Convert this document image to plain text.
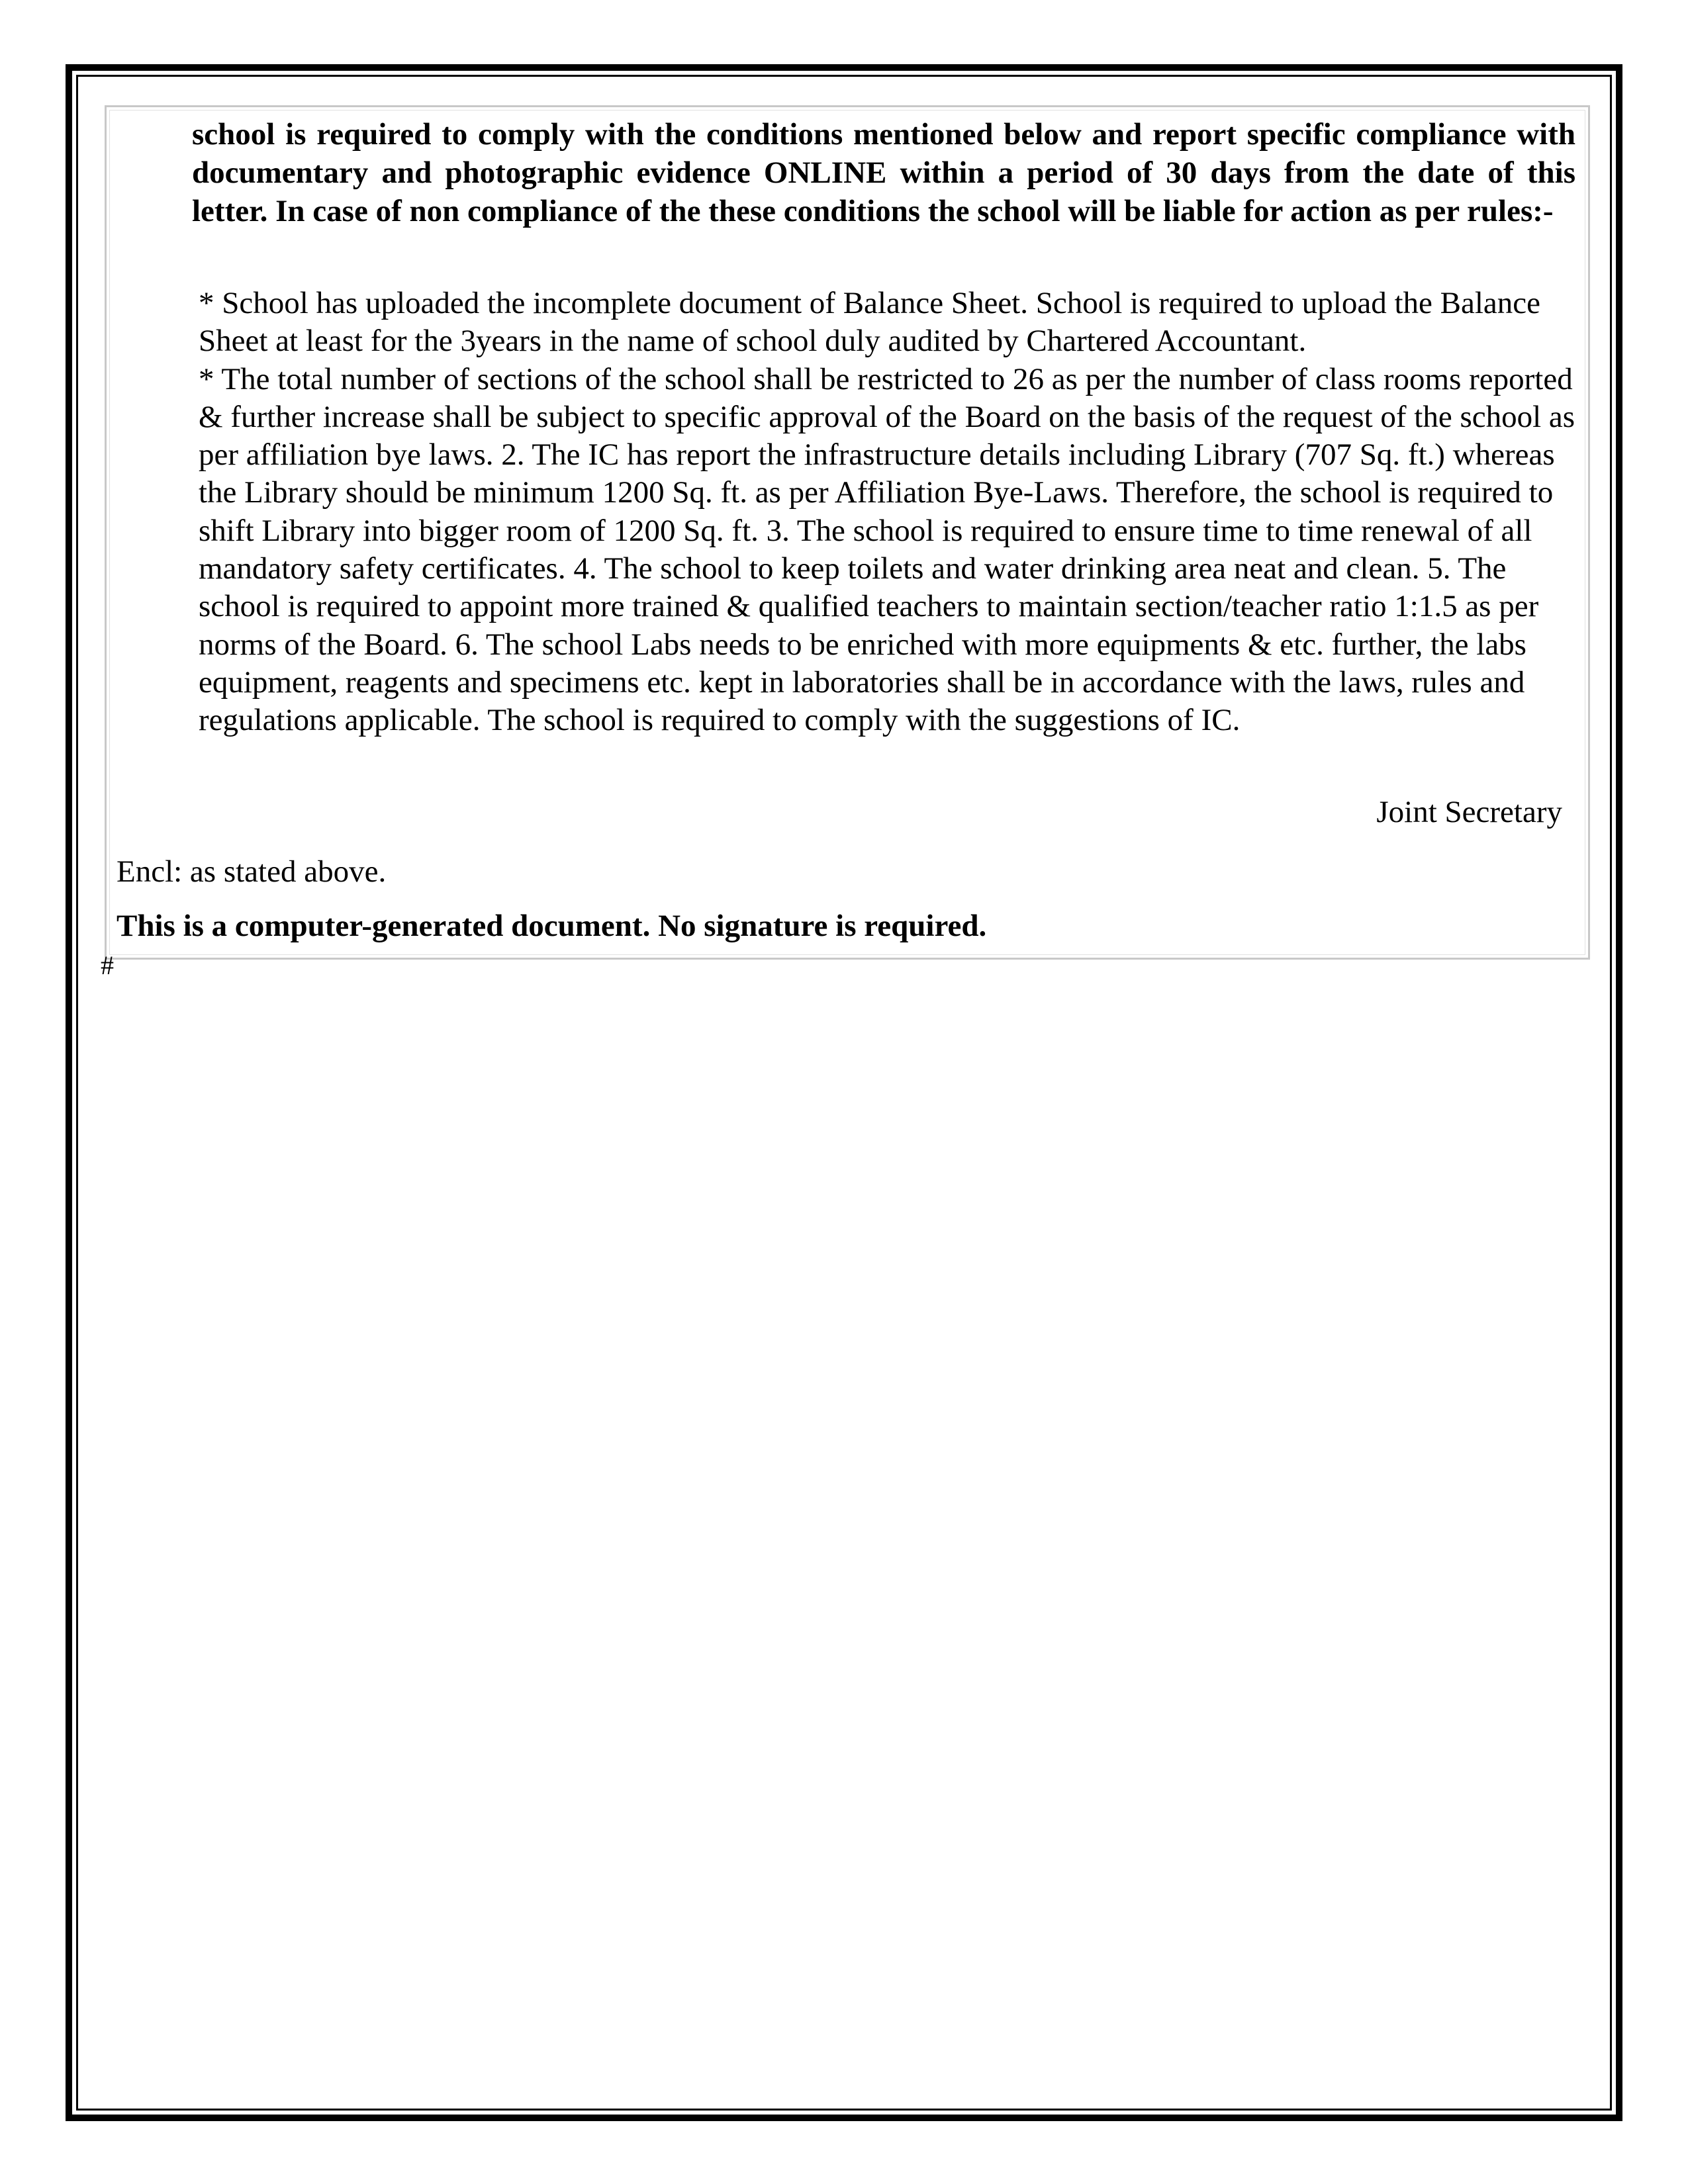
school is required to comply with the conditions mentioned below and report specific compliance with documentary and photographic evidence ONLINE within a period of 30 days from the date of this letter. In case of non compliance of the these conditions the school will be liable for action as per rules:-

* School has uploaded the incomplete document of Balance Sheet. School is required to upload the Balance Sheet at least for the 3years in the name of school duly audited by Chartered Accountant.

* The total number of sections of the school shall be restricted to 26 as per the number of class rooms reported & further increase shall be subject to specific approval of the Board on the basis of the request of the school as per affiliation bye laws. 2. The IC has report the infrastructure details including Library (707 Sq. ft.) whereas the Library should be minimum 1200 Sq. ft. as per Affiliation Bye-Laws. Therefore, the school is required to shift Library into bigger room of 1200 Sq. ft. 3. The school is required to ensure time to time renewal of all mandatory safety certificates. 4. The school to keep toilets and water drinking area neat and clean. 5. The school is required to appoint more trained & qualified teachers to maintain section/teacher ratio 1:1.5 as per norms of the Board. 6. The school Labs needs to be enriched with more equipments & etc. further, the labs equipment, reagents and specimens etc. kept in laboratories shall be in accordance with the laws, rules and regulations applicable. The school is required to comply with the suggestions of IC.

Joint Secretary

Encl: as stated above.

This is a computer-generated document. No signature is required.

#
